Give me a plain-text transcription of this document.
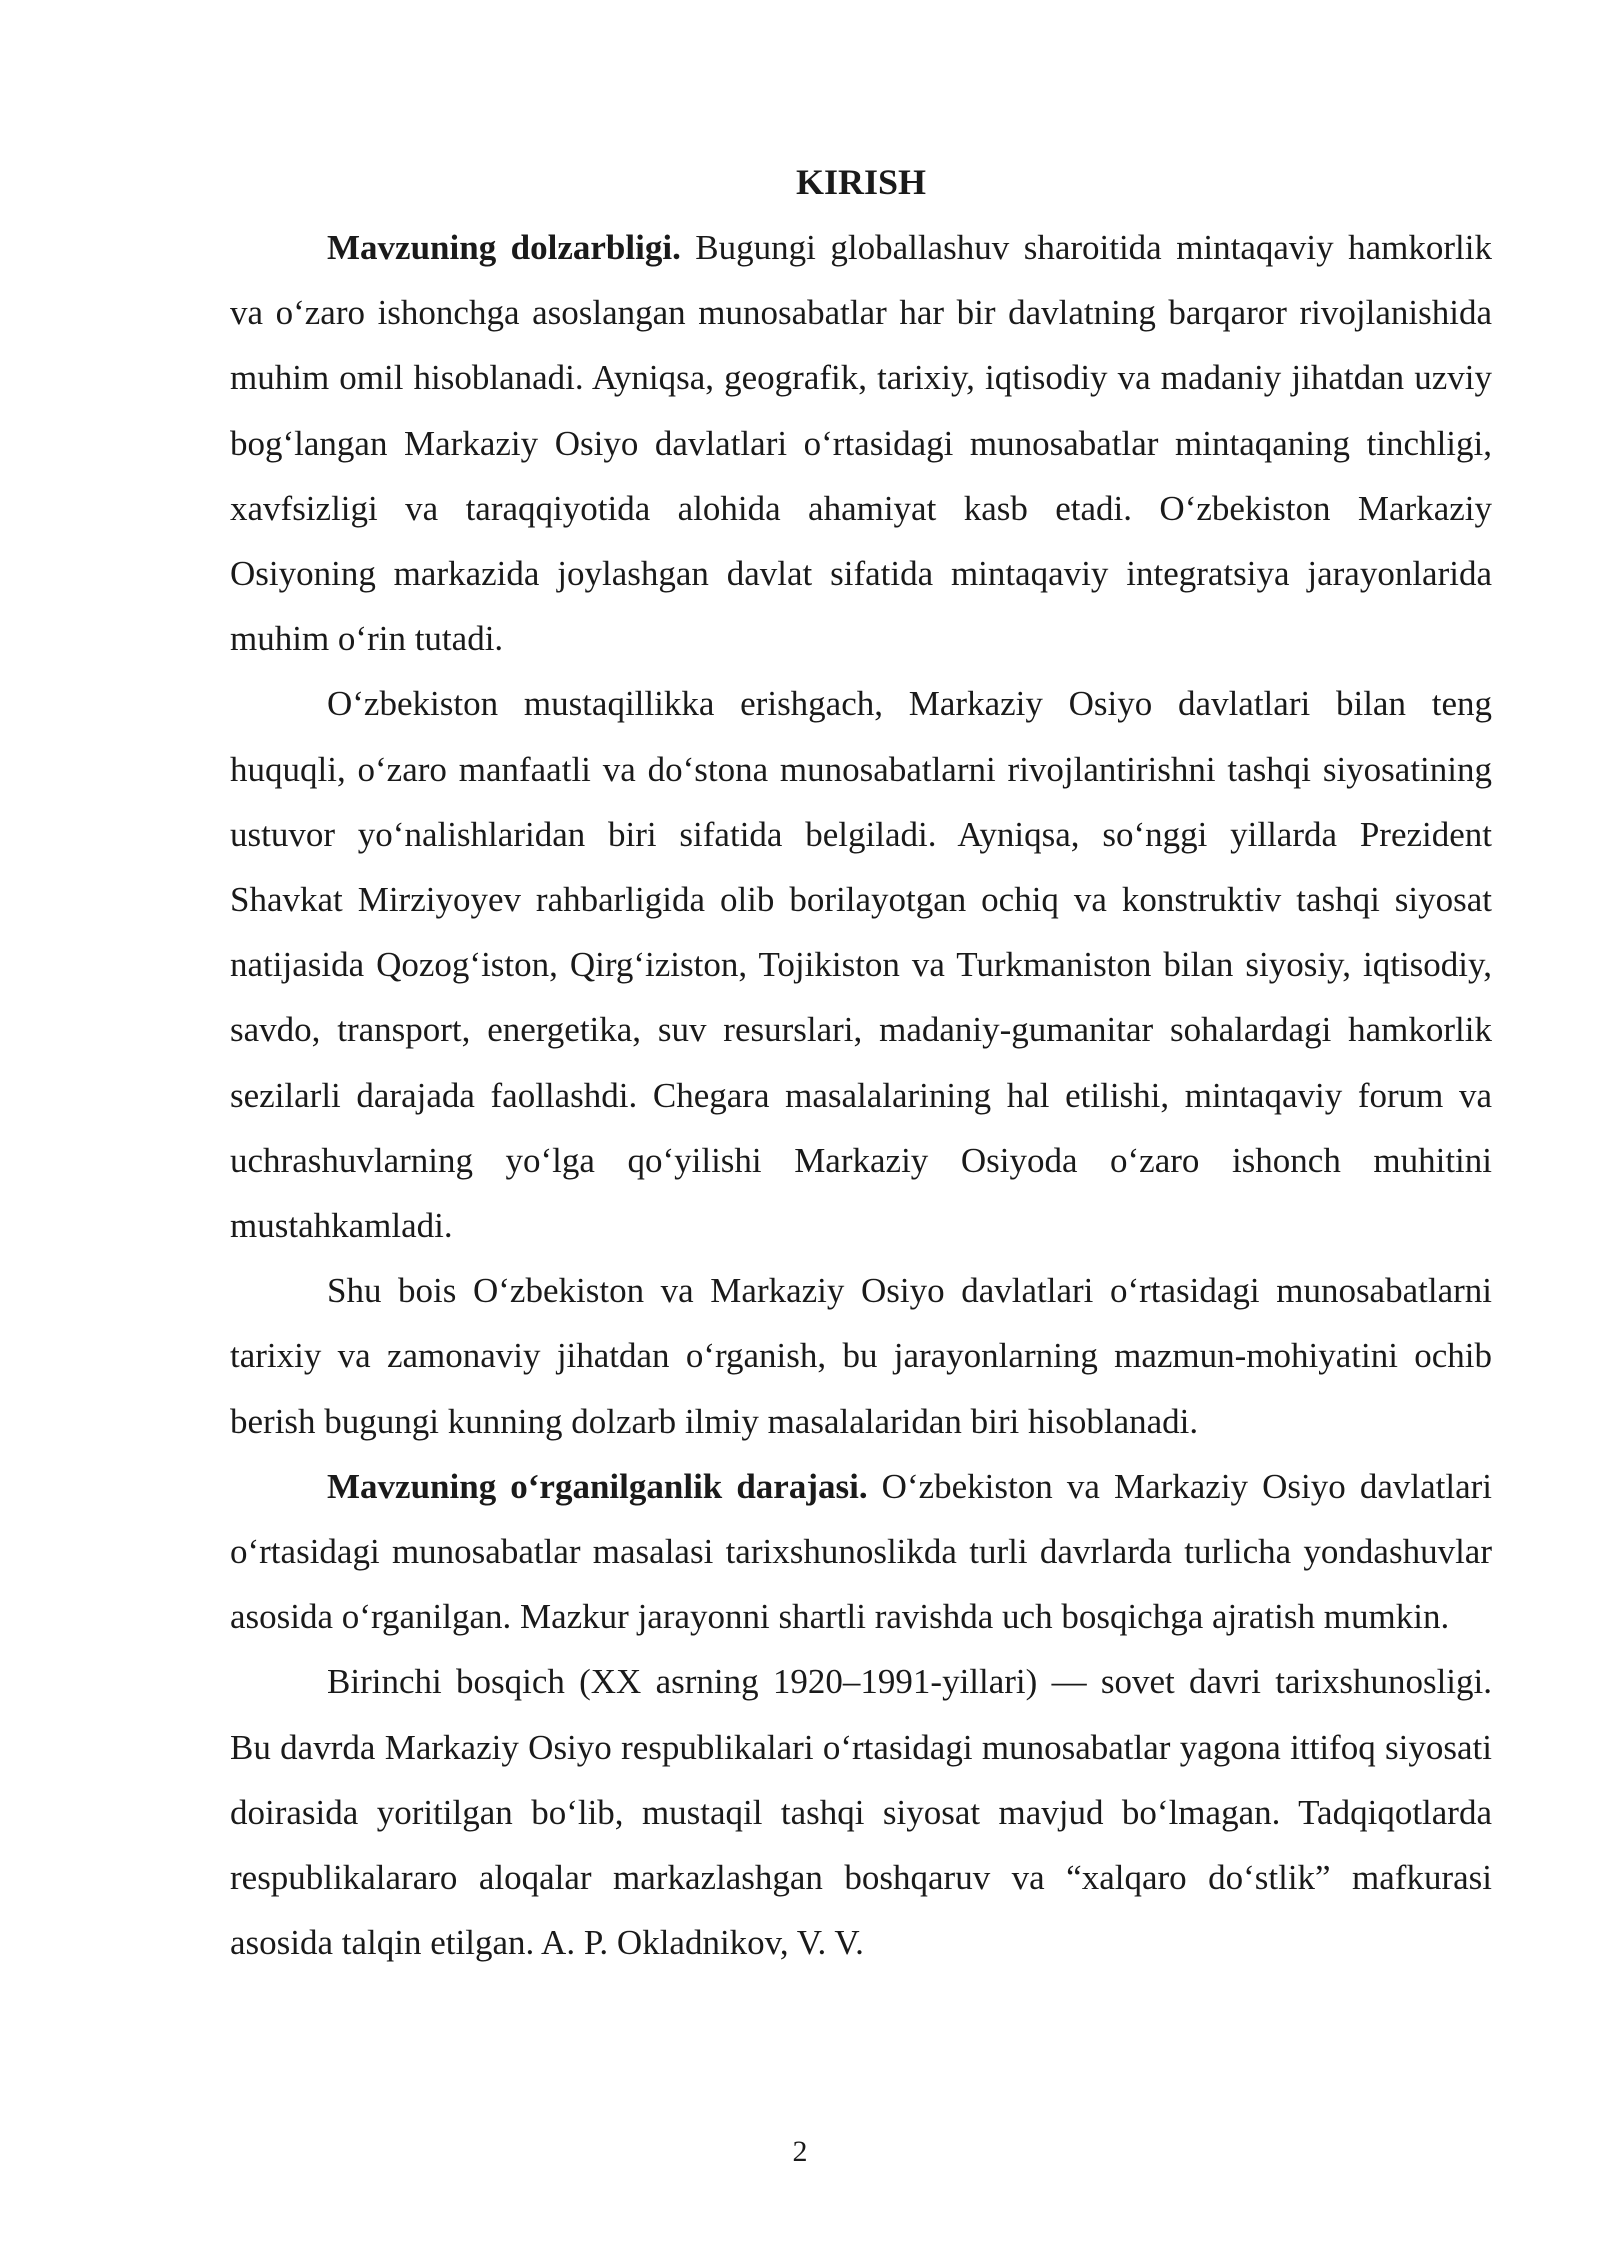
KIRISH

Mavzuning dolzarbligi. Bugungi globallashuv sharoitida mintaqaviy hamkorlik va o‘zaro ishonchga asoslangan munosabatlar har bir davlatning barqaror rivojlanishida muhim omil hisoblanadi. Ayniqsa, geografik, tarixiy, iqtisodiy va madaniy jihatdan uzviy bog‘langan Markaziy Osiyo davlatlari o‘rtasidagi munosabatlar mintaqaning tinchligi, xavfsizligi va taraqqiyotida alohida ahamiyat kasb etadi. O‘zbekiston Markaziy Osiyoning markazida joylashgan davlat sifatida mintaqaviy integratsiya jarayonlarida muhim o‘rin tutadi.

O‘zbekiston mustaqillikka erishgach, Markaziy Osiyo davlatlari bilan teng huquqli, o‘zaro manfaatli va do‘stona munosabatlarni rivojlantirishni tashqi siyosatining ustuvor yo‘nalishlaridan biri sifatida belgiladi. Ayniqsa, so‘nggi yillarda Prezident Shavkat Mirziyoyev rahbarligida olib borilayotgan ochiq va konstruktiv tashqi siyosat natijasida Qozog‘iston, Qirg‘iziston, Tojikiston va Turkmaniston bilan siyosiy, iqtisodiy, savdo, transport, energetika, suv resurslari, madaniy-gumanitar sohalardagi hamkorlik sezilarli darajada faollashdi. Chegara masalalarining hal etilishi, mintaqaviy forum va uchrashuvlarning yo‘lga qo‘yilishi Markaziy Osiyoda o‘zaro ishonch muhitini mustahkamladi.

Shu bois O‘zbekiston va Markaziy Osiyo davlatlari o‘rtasidagi munosabatlarni tarixiy va zamonaviy jihatdan o‘rganish, bu jarayonlarning mazmun-mohiyatini ochib berish bugungi kunning dolzarb ilmiy masalalaridan biri hisoblanadi.

Mavzuning o‘rganilganlik darajasi. O‘zbekiston va Markaziy Osiyo davlatlari o‘rtasidagi munosabatlar masalasi tarixshunoslikda turli davrlarda turlicha yondashuvlar asosida o‘rganilgan. Mazkur jarayonni shartli ravishda uch bosqichga ajratish mumkin.

Birinchi bosqich (XX asrning 1920–1991-yillari) — sovet davri tarixshunosligi. Bu davrda Markaziy Osiyo respublikalari o‘rtasidagi munosabatlar yagona ittifoq siyosati doirasida yoritilgan bo‘lib, mustaqil tashqi siyosat mavjud bo‘lmagan. Tadqiqotlarda respublikalararo aloqalar markazlashgan boshqaruv va “xalqaro do‘stlik” mafkurasi asosida talqin etilgan. A. P. Okladnikov, V. V.

2
